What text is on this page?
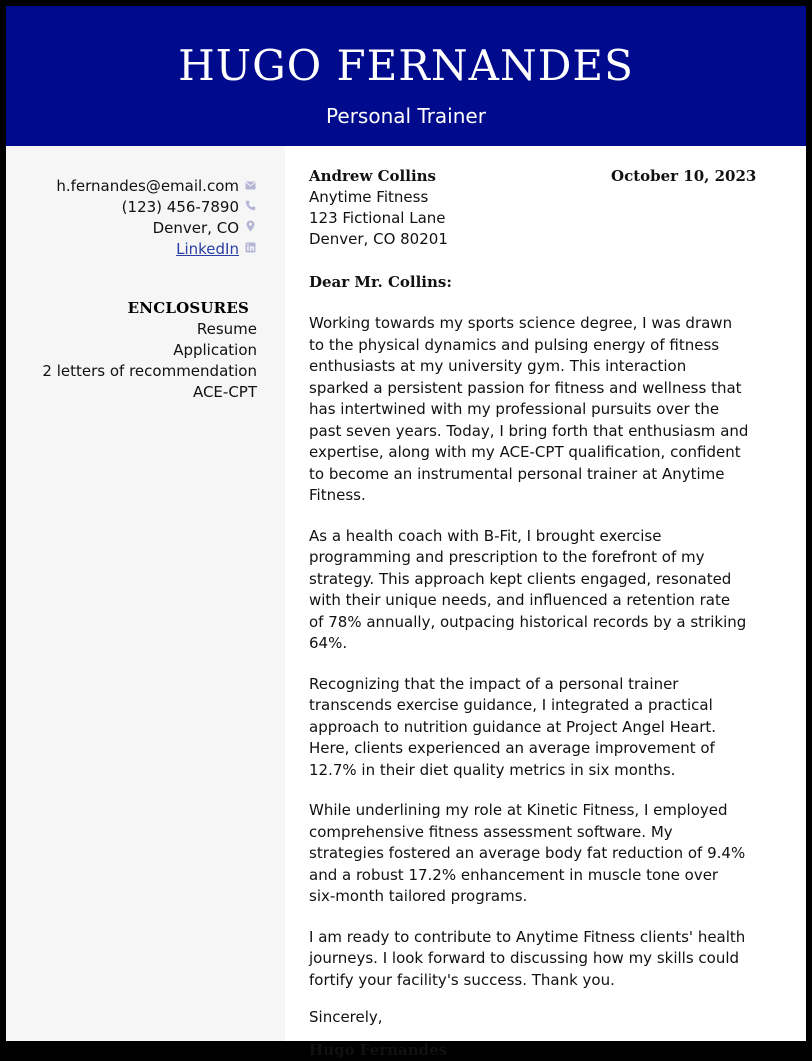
HUGO FERNANDES
Personal Trainer
h.fernandes@email.com
(123) 456-7890
Denver, CO
LinkedIn
ENCLOSURES
Resume
Application
2 letters of recommendation
ACE-CPT
Andrew Collins
Anytime Fitness
123 Fictional Lane
Denver, CO 80201
October 10, 2023
Dear Mr. Collins:
Working towards my sports science degree, I was drawn to the physical dynamics and pulsing energy of fitness enthusiasts at my university gym. This interaction sparked a persistent passion for fitness and wellness that has intertwined with my professional pursuits over the past seven years. Today, I bring forth that enthusiasm and expertise, along with my ACE-CPT qualification, confident to become an instrumental personal trainer at Anytime Fitness.
As a health coach with B-Fit, I brought exercise programming and prescription to the forefront of my strategy. This approach kept clients engaged, resonated with their unique needs, and influenced a retention rate of 78% annually, outpacing historical records by a striking 64%.
Recognizing that the impact of a personal trainer transcends exercise guidance, I integrated a practical approach to nutrition guidance at Project Angel Heart. Here, clients experienced an average improvement of 12.7% in their diet quality metrics in six months.
While underlining my role at Kinetic Fitness, I employed comprehensive fitness assessment software. My strategies fostered an average body fat reduction of 9.4% and a robust 17.2% enhancement in muscle tone over six-month tailored programs.
I am ready to contribute to Anytime Fitness clients' health journeys. I look forward to discussing how my skills could fortify your facility's success. Thank you.
Sincerely,
Hugo Fernandes
